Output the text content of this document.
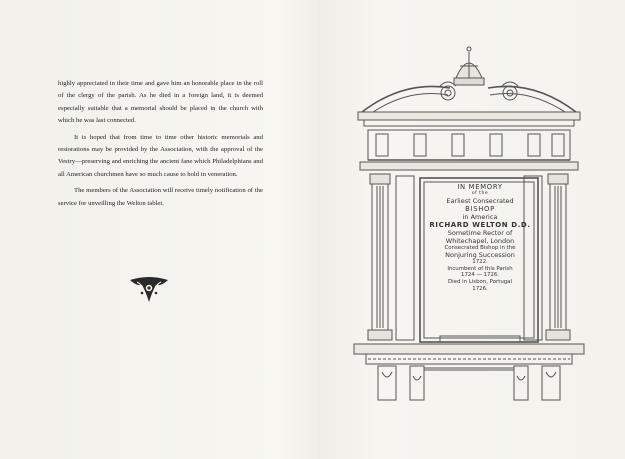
highly appreciated in their time and gave him an honorable place in the roll of the clergy of the parish. As he died in a foreign land, it is deemed especially suitable that a memorial should be placed in the church with which he was last connected.

It is hoped that from time to time other historic memorials and restorations may be provided by the Association, with the approval of the Vestry—preserving and enriching the ancient fane which Philadelphians and all American churchmen have so much cause to hold in veneration.

The members of the Association will receive timely notification of the service for unveilling the Welton tablet.

IN MEMORY
of the
Earliest Consecrated
BISHOP
in America
RICHARD WELTON D.D.
Sometime Rector of
Whitechapel, London
Consecrated Bishop in the
Nonjuring Succession
1722.
Incumbent of this Parish
1724 — 1726.
Died in Lisbon, Portugal
1726.
